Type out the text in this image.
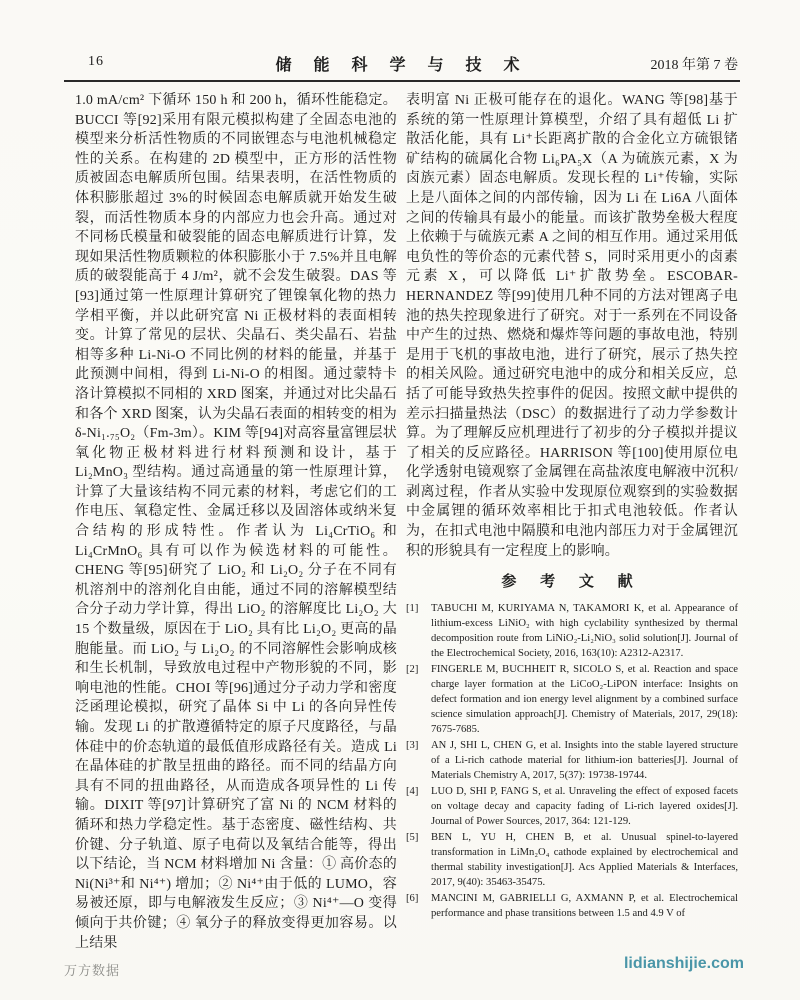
16	储 能 科 学 与 技 术	2018 年第 7 卷
1.0 mA/cm² 下循环 150 h 和 200 h，循环性能稳定。BUCCI 等[92]采用有限元模拟构建了全固态电池的模型来分析活性物质的不同嵌锂态与电池机械稳定性的关系。在构建的 2D 模型中，正方形的活性物质被固态电解质所包围。结果表明，在活性物质的体积膨胀超过 3%的时候固态电解质就开始发生破裂，而活性物质本身的内部应力也会升高。通过对不同杨氏模量和破裂能的固态电解质进行计算，发现如果活性物质颗粒的体积膨胀小于 7.5%并且电解质的破裂能高于 4 J/m²，就不会发生破裂。DAS 等[93]通过第一性原理计算研究了锂镍氧化物的热力学相平衡，并以此研究富 Ni 正极材料的表面相转变。计算了常见的层状、尖晶石、类尖晶石、岩盐相等多种 Li-Ni-O 不同比例的材料的能量，并基于此预测中间相，得到 Li-Ni-O 的相图。通过蒙特卡洛计算模拟不同相的 XRD 图案，并通过对比尖晶石和各个 XRD 图案，认为尖晶石表面的相转变的相为 δ-Ni₁.₇₅O₂（Fm-3m）。KIM 等[94]对高容量富锂层状氧化物正极材料进行材料预测和设计，基于 Li₂MnO₃ 型结构。通过高通量的第一性原理计算，计算了大量该结构不同元素的材料，考虑它们的工作电压、氧稳定性、金属迁移以及固溶体或纳米复合结构的形成特性。作者认为 Li₄CrTiO₆ 和 Li₄CrMnO₆ 具有可以作为候选材料的可能性。CHENG 等[95]研究了 LiO₂ 和 Li₂O₂ 分子在不同有机溶剂中的溶剂化自由能，通过不同的溶解模型结合分子动力学计算，得出 LiO₂ 的溶解度比 Li₂O₂ 大 15 个数量级，原因在于 LiO₂ 具有比 Li₂O₂ 更高的晶胞能量。而 LiO₂ 与 Li₂O₂ 的不同溶解性会影响成核和生长机制，导致放电过程中产物形貌的不同，影响电池的性能。CHOI 等[96]通过分子动力学和密度泛函理论模拟，研究了晶体 Si 中 Li 的各向异性传输。发现 Li 的扩散遵循特定的原子尺度路径，与晶体硅中的价态轨道的最低值形成路径有关。造成 Li 在晶体硅的扩散呈扭曲的路径。而不同的结晶方向具有不同的扭曲路径，从而造成各项异性的 Li 传输。DIXIT 等[97]计算研究了富 Ni 的 NCM 材料的循环和热力学稳定性。基于态密度、磁性结构、共价键、分子轨道、原子电荷以及氧结合能等，得出以下结论，当 NCM 材料增加 Ni 含量：① 高价态的 Ni(Ni³⁺和 Ni⁴⁺) 增加；② Ni⁴⁺由于低的 LUMO，容易被还原，即与电解液发生反应；③ Ni⁴⁺—O 变得倾向于共价键；④ 氧分子的释放变得更加容易。以上结果
表明富 Ni 正极可能存在的退化。WANG 等[98]基于系统的第一性原理计算模型，介绍了具有超低 Li 扩散活化能，具有 Li⁺长距离扩散的合金化立方硫银锗矿结构的硫属化合物 Li₆PA₅X（A 为硫族元素，X 为卤族元素）固态电解质。发现长程的 Li⁺传输，实际上是八面体之间的内部传输，因为 Li 在 Li6A 八面体之间的传输具有最小的能量。而该扩散势垒极大程度上依赖于与硫族元素 A 之间的相互作用。通过采用低电负性的等价态的元素代替 S，同时采用更小的卤素元素 X，可以降低 Li⁺扩散势垒。ESCOBAR-HERNANDEZ 等[99]使用几种不同的方法对锂离子电池的热失控现象进行了研究。对于一系列在不同设备中产生的过热、燃烧和爆炸等问题的事故电池，特别是用于飞机的事故电池，进行了研究，展示了热失控的相关风险。通过研究电池中的成分和相关反应，总括了可能导致热失控事件的促因。按照文献中提供的差示扫描量热法（DSC）的数据进行了动力学参数计算。为了理解反应机理进行了初步的分子模拟并提议了相关的反应路径。HARRISON 等[100]使用原位电化学透射电镜观察了金属锂在高盐浓度电解液中沉积/剥离过程，作者从实验中发现原位观察到的实验数据中金属锂的循环效率相比于扣式电池较低。作者认为，在扣式电池中隔膜和电池内部压力对于金属锂沉积的形貌具有一定程度上的影响。
参 考 文 献
[1]	TABUCHI M, KURIYAMA N, TAKAMORI K, et al. Appearance of lithium-excess LiNiO₂ with high cyclability synthesized by thermal decomposition route from LiNiO₂-Li₂NiO₃ solid solution[J]. Journal of the Electrochemical Society, 2016, 163(10): A2312-A2317.
[2]	FINGERLE M, BUCHHEIT R, SICOLO S, et al. Reaction and space charge layer formation at the LiCoO₂-LiPON interface: Insights on defect formation and ion energy level alignment by a combined surface science simulation approach[J]. Chemistry of Materials, 2017, 29(18): 7675-7685.
[3]	AN J, SHI L, CHEN G, et al. Insights into the stable layered structure of a Li-rich cathode material for lithium-ion batteries[J]. Journal of Materials Chemistry A, 2017, 5(37): 19738-19744.
[4]	LUO D, SHI P, FANG S, et al. Unraveling the effect of exposed facets on voltage decay and capacity fading of Li-rich layered oxides[J]. Journal of Power Sources, 2017, 364: 121-129.
[5]	BEN L, YU H, CHEN B, et al. Unusual spinel-to-layered transformation in LiMn₂O₄ cathode explained by electrochemical and thermal stability investigation[J]. Acs Applied Materials & Interfaces, 2017, 9(40): 35463-35475.
[6]	MANCINI M, GABRIELLI G, AXMANN P, et al. Electrochemical performance and phase transitions between 1.5 and 4.9 V of
万方数据	lidianshijie.com
